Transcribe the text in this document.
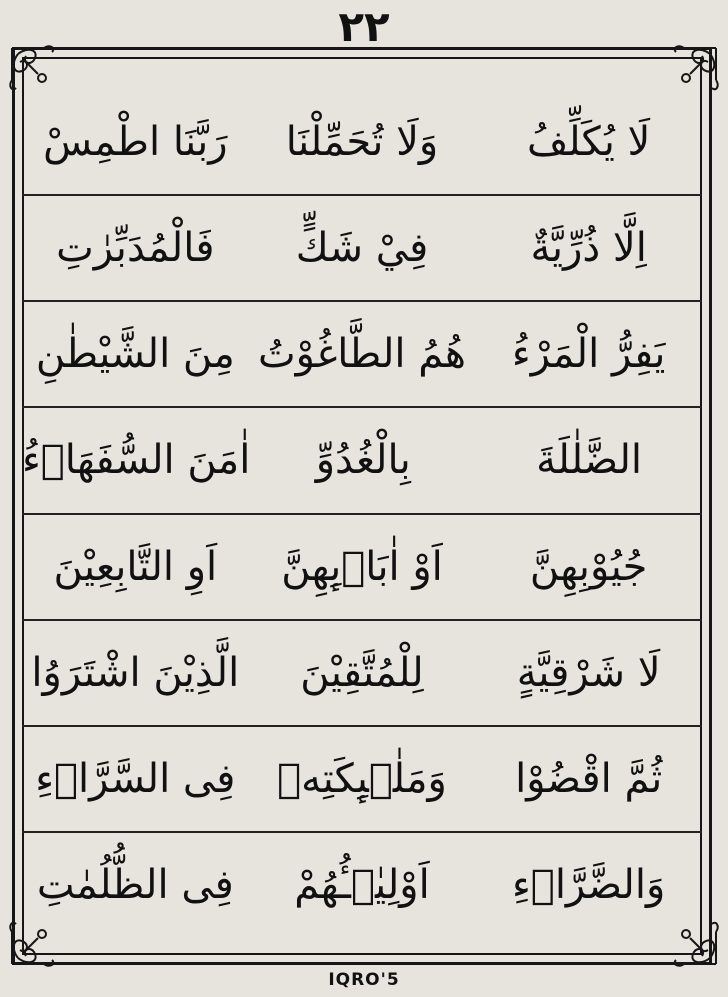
٢٢
لَا يُكَلِّفُ
وَلَا تُحَمِّلْنَا
رَبَّنَا اطْمِسْ
اِلَّا ذُرِّيَّةٌ
فِيْ شَكٍّ
فَالْمُدَبِّرٰتِ
يَفِرُّ الْمَرْءُ
هُمُ الطَّاغُوْتُ
مِنَ الشَّيْطٰنِ
الضَّلٰلَةَ
بِالْغُدُوِّ
اٰمَنَ السُّفَهَاۤءُ
جُيُوْبِهِنَّ
اَوْ اٰبَاۤىِٕهِنَّ
اَوِ التَّابِعِيْنَ
لَا شَرْقِيَّةٍ
لِلْمُتَّقِيْنَ
الَّذِيْنَ اشْتَرَوُا
ثُمَّ اقْضُوْا
وَمَلٰۤىِٕكَتِهٖ
فِى السَّرَّاۤءِ
وَالضَّرَّاۤءِ
اَوْلِيٰۤـُٔهُمْ
فِى الظُّلُمٰتِ
IQRO'5
